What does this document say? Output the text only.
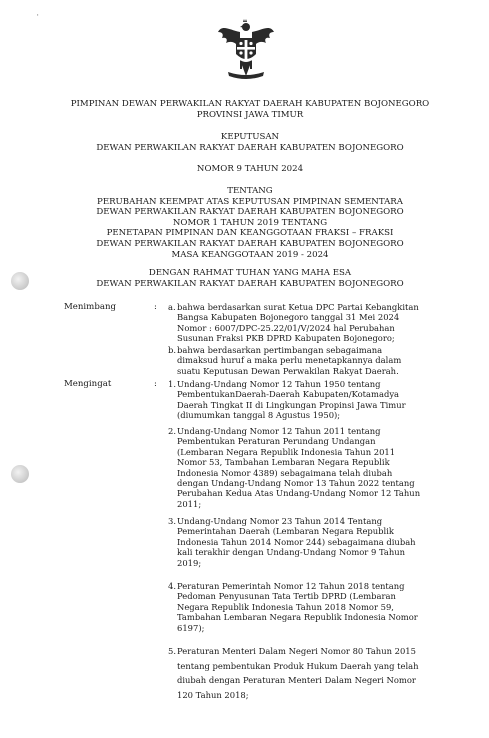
'
PIMPINAN DEWAN PERWAKILAN RAKYAT DAERAH KABUPATEN BOJONEGORO
PROVINSI JAWA TIMUR
KEPUTUSAN
DEWAN PERWAKILAN RAKYAT DAERAH KABUPATEN BOJONEGORO
NOMOR 9 TAHUN 2024
TENTANG
PERUBAHAN KEEMPAT ATAS KEPUTUSAN PIMPINAN SEMENTARA
DEWAN PERWAKILAN RAKYAT DAERAH KABUPATEN BOJONEGORO
NOMOR 1 TAHUN 2019 TENTANG
PENETAPAN PIMPINAN DAN KEANGGOTAAN FRAKSI – FRAKSI
DEWAN PERWAKILAN RAKYAT DAERAH KABUPATEN BOJONEGORO
MASA KEANGGOTAAN 2019 - 2024
DENGAN RAHMAT TUHAN YANG MAHA ESA
DEWAN PERWAKILAN RAKYAT DAERAH KABUPATEN BOJONEGORO
Menimbang	: a. bahwa berdasarkan surat Ketua DPC Partai Kebangkitan
Bangsa Kabupaten Bojonegoro tanggal 31 Mei 2024
Nomor : 6007/DPC-25.22/01/V/2024 hal Perubahan
Susunan Fraksi PKB DPRD Kabupaten Bojonegoro;
b. bahwa berdasarkan pertimbangan sebagaimana
dimaksud huruf a maka perlu menetapkannya dalam
suatu Keputusan Dewan Perwakilan Rakyat Daerah.
Mengingat	: 1. Undang-Undang Nomor 12 Tahun 1950 tentang
PembentukanDaerah-Daerah Kabupaten/Kotamadya
Daerah Tingkat II di Lingkungan Propinsi Jawa Timur
(diumumkan tanggal 8 Agustus 1950);
2. Undang-Undang Nomor 12 Tahun 2011 tentang
Pembentukan Peraturan Perundang Undangan
(Lembaran Negara Republik Indonesia Tahun 2011
Nomor 53, Tambahan Lembaran Negara Republik
Indonesia Nomor 4389) sebagaimana telah diubah
dengan Undang-Undang Nomor 13 Tahun 2022 tentang
Perubahan Kedua Atas Undang-Undang Nomor 12 Tahun
2011;
3. Undang-Undang Nomor 23 Tahun 2014 Tentang
Pemerintahan Daerah (Lembaran Negara Republik
Indonesia Tahun 2014 Nomor 244) sebagaimana diubah
kali terakhir dengan Undang-Undang Nomor 9 Tahun
2019;
4. Peraturan Pemerintah Nomor 12 Tahun 2018 tentang
Pedoman Penyusunan Tata Tertib DPRD (Lembaran
Negara Republik Indonesia Tahun 2018 Nomor 59,
Tambahan Lembaran Negara Republik Indonesia Nomor
6197);
5. Peraturan Menteri Dalam Negeri Nomor 80 Tahun 2015
tentang pembentukan Produk Hukum Daerah yang telah
diubah dengan Peraturan Menteri Dalam Negeri Nomor
120 Tahun 2018;
